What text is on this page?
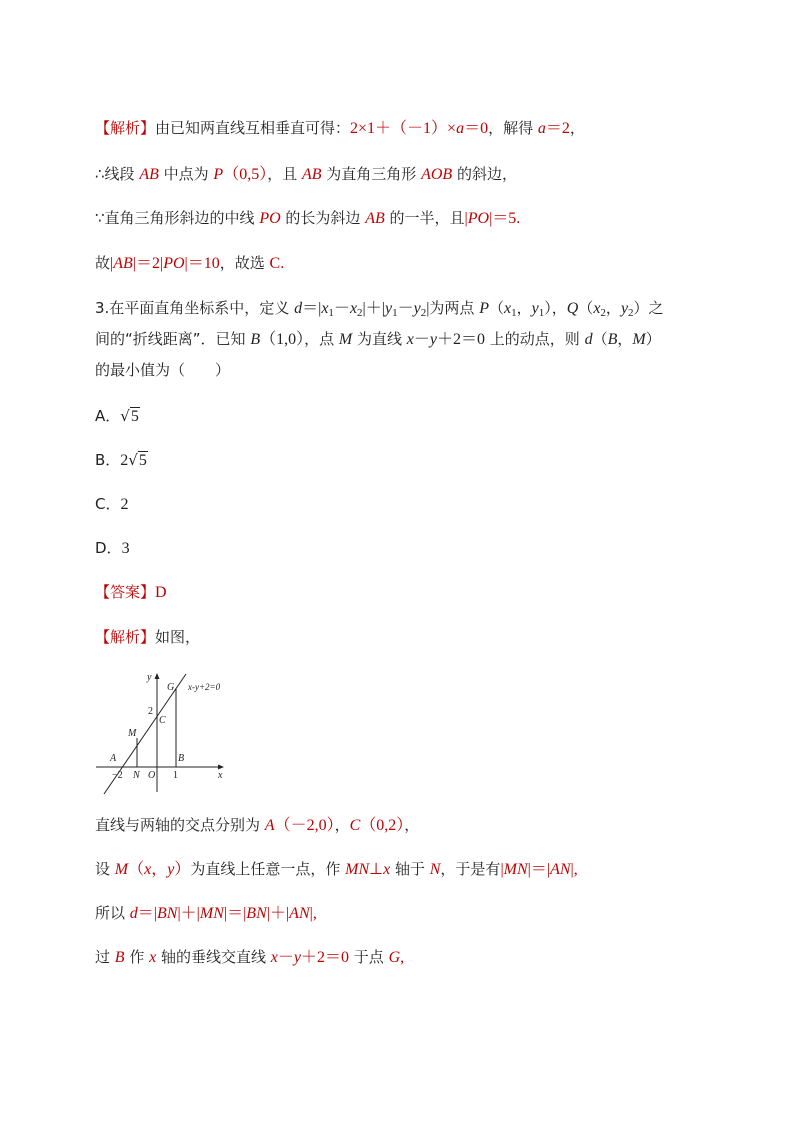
【解析】由已知两直线互相垂直可得：2×1＋（－1）×a＝0，解得 a＝2，
∴线段 AB 中点为 P（0,5），且 AB 为直角三角形 AOB 的斜边，
∵直角三角形斜边的中线 PO 的长为斜边 AB 的一半，且|PO|＝5.
故|AB|＝2|PO|＝10，故选 C.
3.在平面直角坐标系中，定义 $d=|x_1-x_2|+|y_1-y_2|$为两点 $P(x_1$，$y_1$），$Q(x_2$，$y_2$）之
间的“折线距离”．已知 B（1,0），点 M 为直线 x－y＋2＝0 上的动点，则 d（B，M）
的最小值为（　　）
A．√5
B．2√5
C．2
D．3
【答案】D
【解析】如图，
y
G x-y+2=0
2
C
M
A	B
−2 N O 1	x
直线与两轴的交点分别为 A（－2,0），C（0,2），
设 M（x，y）为直线上任意一点，作 MN⊥x 轴于 N，于是有|MN|＝|AN|,
所以 d＝|BN|＋|MN|＝|BN|＋|AN|,
过 B 作 x 轴的垂线交直线 x－y＋2＝0 于点 G,
